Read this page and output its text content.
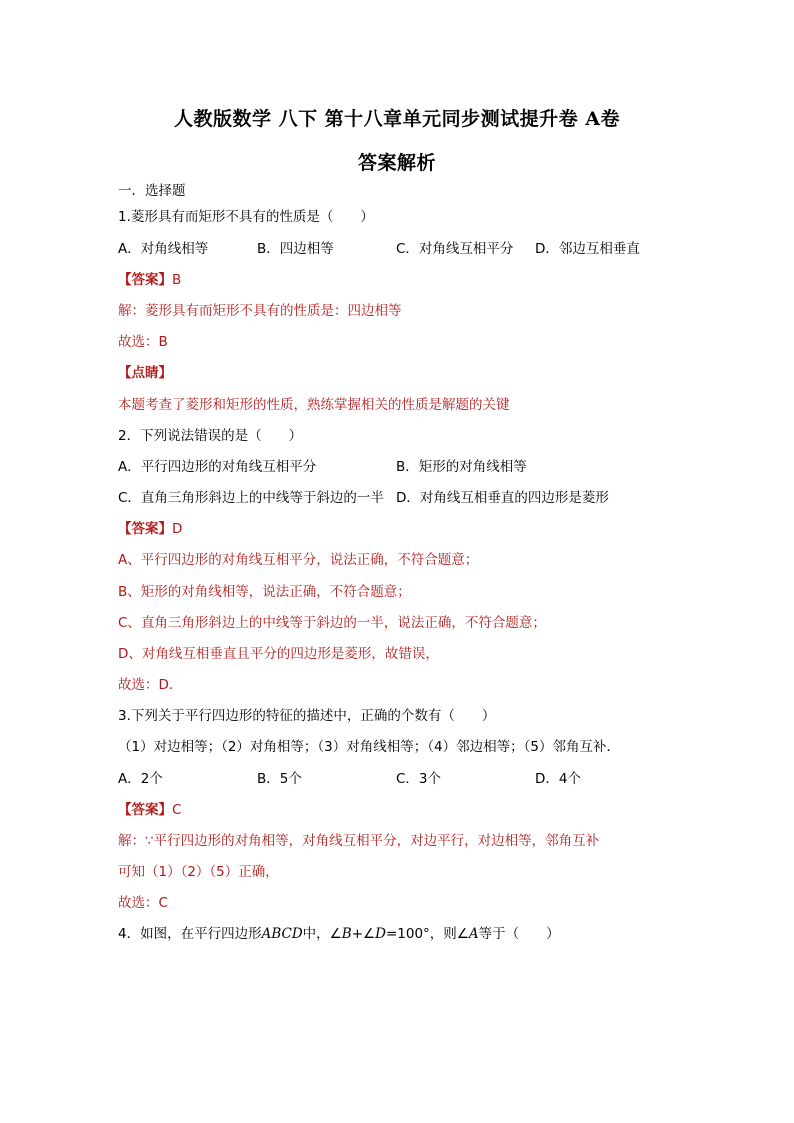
人教版数学 八下 第十八章单元同步测试提升卷 A卷
答案解析
一．选择题
1.菱形具有而矩形不具有的性质是（　　）
A．对角线相等	B．四边相等	C．对角线互相平分 D．邻边互相垂直
【答案】B
解：菱形具有而矩形不具有的性质是：四边相等
故选：B
【点睛】
本题考查了菱形和矩形的性质，熟练掌握相关的性质是解题的关键
2．下列说法错误的是（　　）
A．平行四边形的对角线互相平分	B．矩形的对角线相等
C．直角三角形斜边上的中线等于斜边的一半 D．对角线互相垂直的四边形是菱形
【答案】D
A、平行四边形的对角线互相平分，说法正确，不符合题意；
B、矩形的对角线相等，说法正确，不符合题意；
C、直角三角形斜边上的中线等于斜边的一半，说法正确，不符合题意；
D、对角线互相垂直且平分的四边形是菱形，故错误，
故选：D.
3.下列关于平行四边形的特征的描述中，正确的个数有（　　）
（1）对边相等；（2）对角相等；（3）对角线相等；（4）邻边相等；（5）邻角互补．
A．2个	B．5个	C．3个	D．4个
【答案】C
解：∵平行四边形的对角相等，对角线互相平分，对边平行，对边相等，邻角互补
可知（1）（2）（5）正确，
故选：C
4．如图，在平行四边形ABCD中，∠B+∠D=100°，则∠A等于（　　）
